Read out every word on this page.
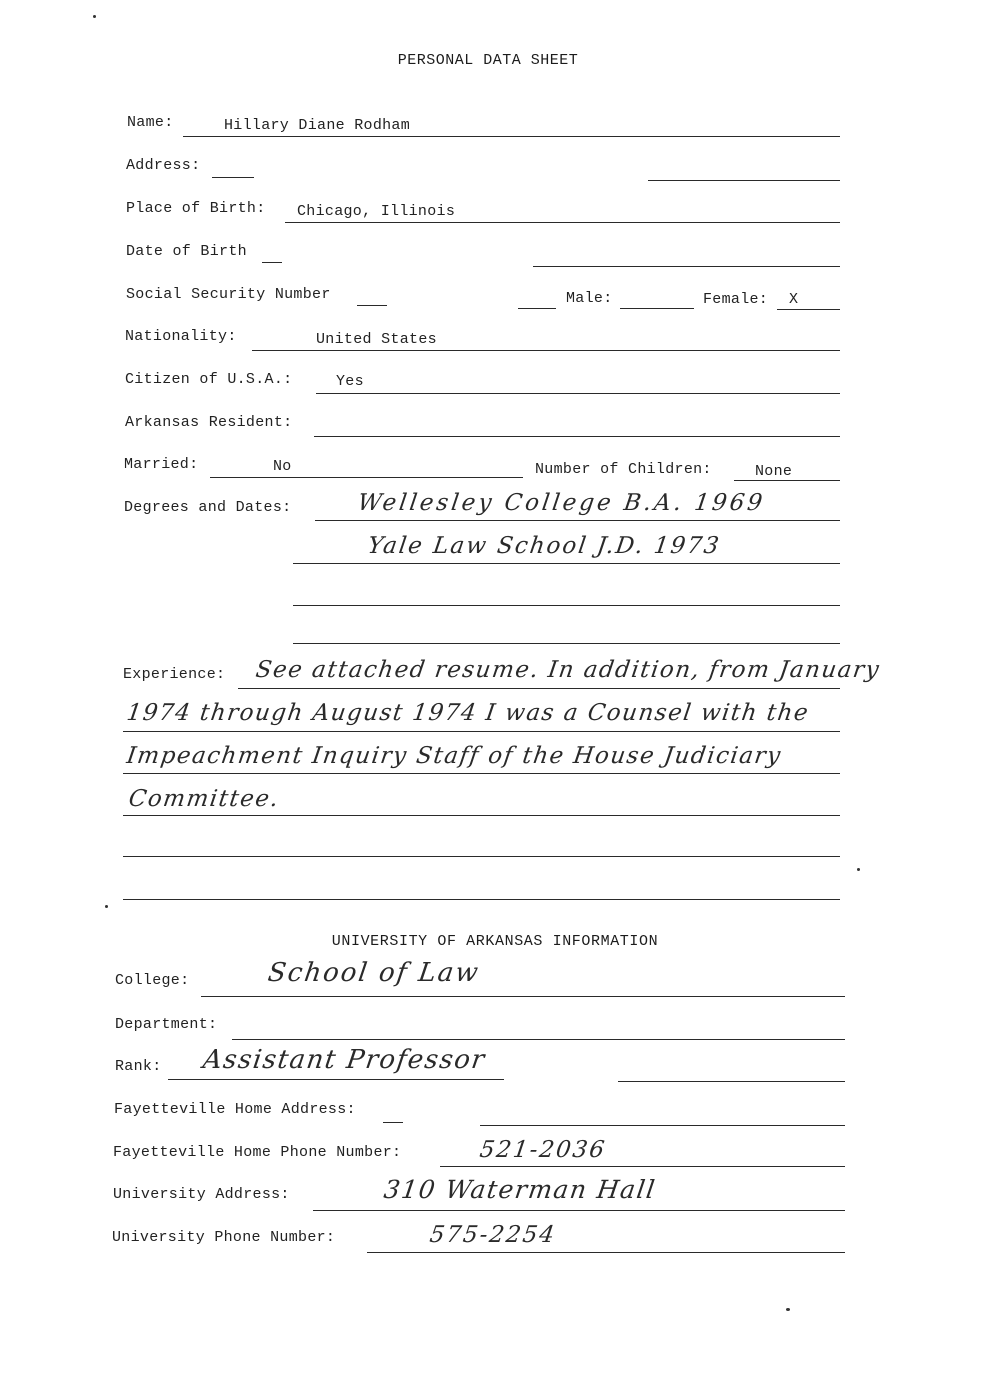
PERSONAL DATA SHEET
Name:	Hillary Diane Rodham
Address:
Place of Birth: Chicago, Illinois
Date of Birth
Social Security Number	Male:	Female: X
Nationality:	United States
Citizen of U.S.A.:	Yes
Arkansas Resident:
Married:	No	Number of Children:	None
Degrees and Dates:	Wellesley College B.A. 1969
Yale Law School J.D. 1973
Experience: See attached resume. In addition, from January
1974 through August 1974 I was a Counsel with the
Impeachment Inquiry Staff of the House Judiciary
Committee.
UNIVERSITY OF ARKANSAS INFORMATION
College:	School of Law
Department:
Rank: Assistant Professor
Fayetteville Home Address:
Fayetteville Home Phone Number:	521-2036
University Address:	310 Waterman Hall
University Phone Number:	575-2254
